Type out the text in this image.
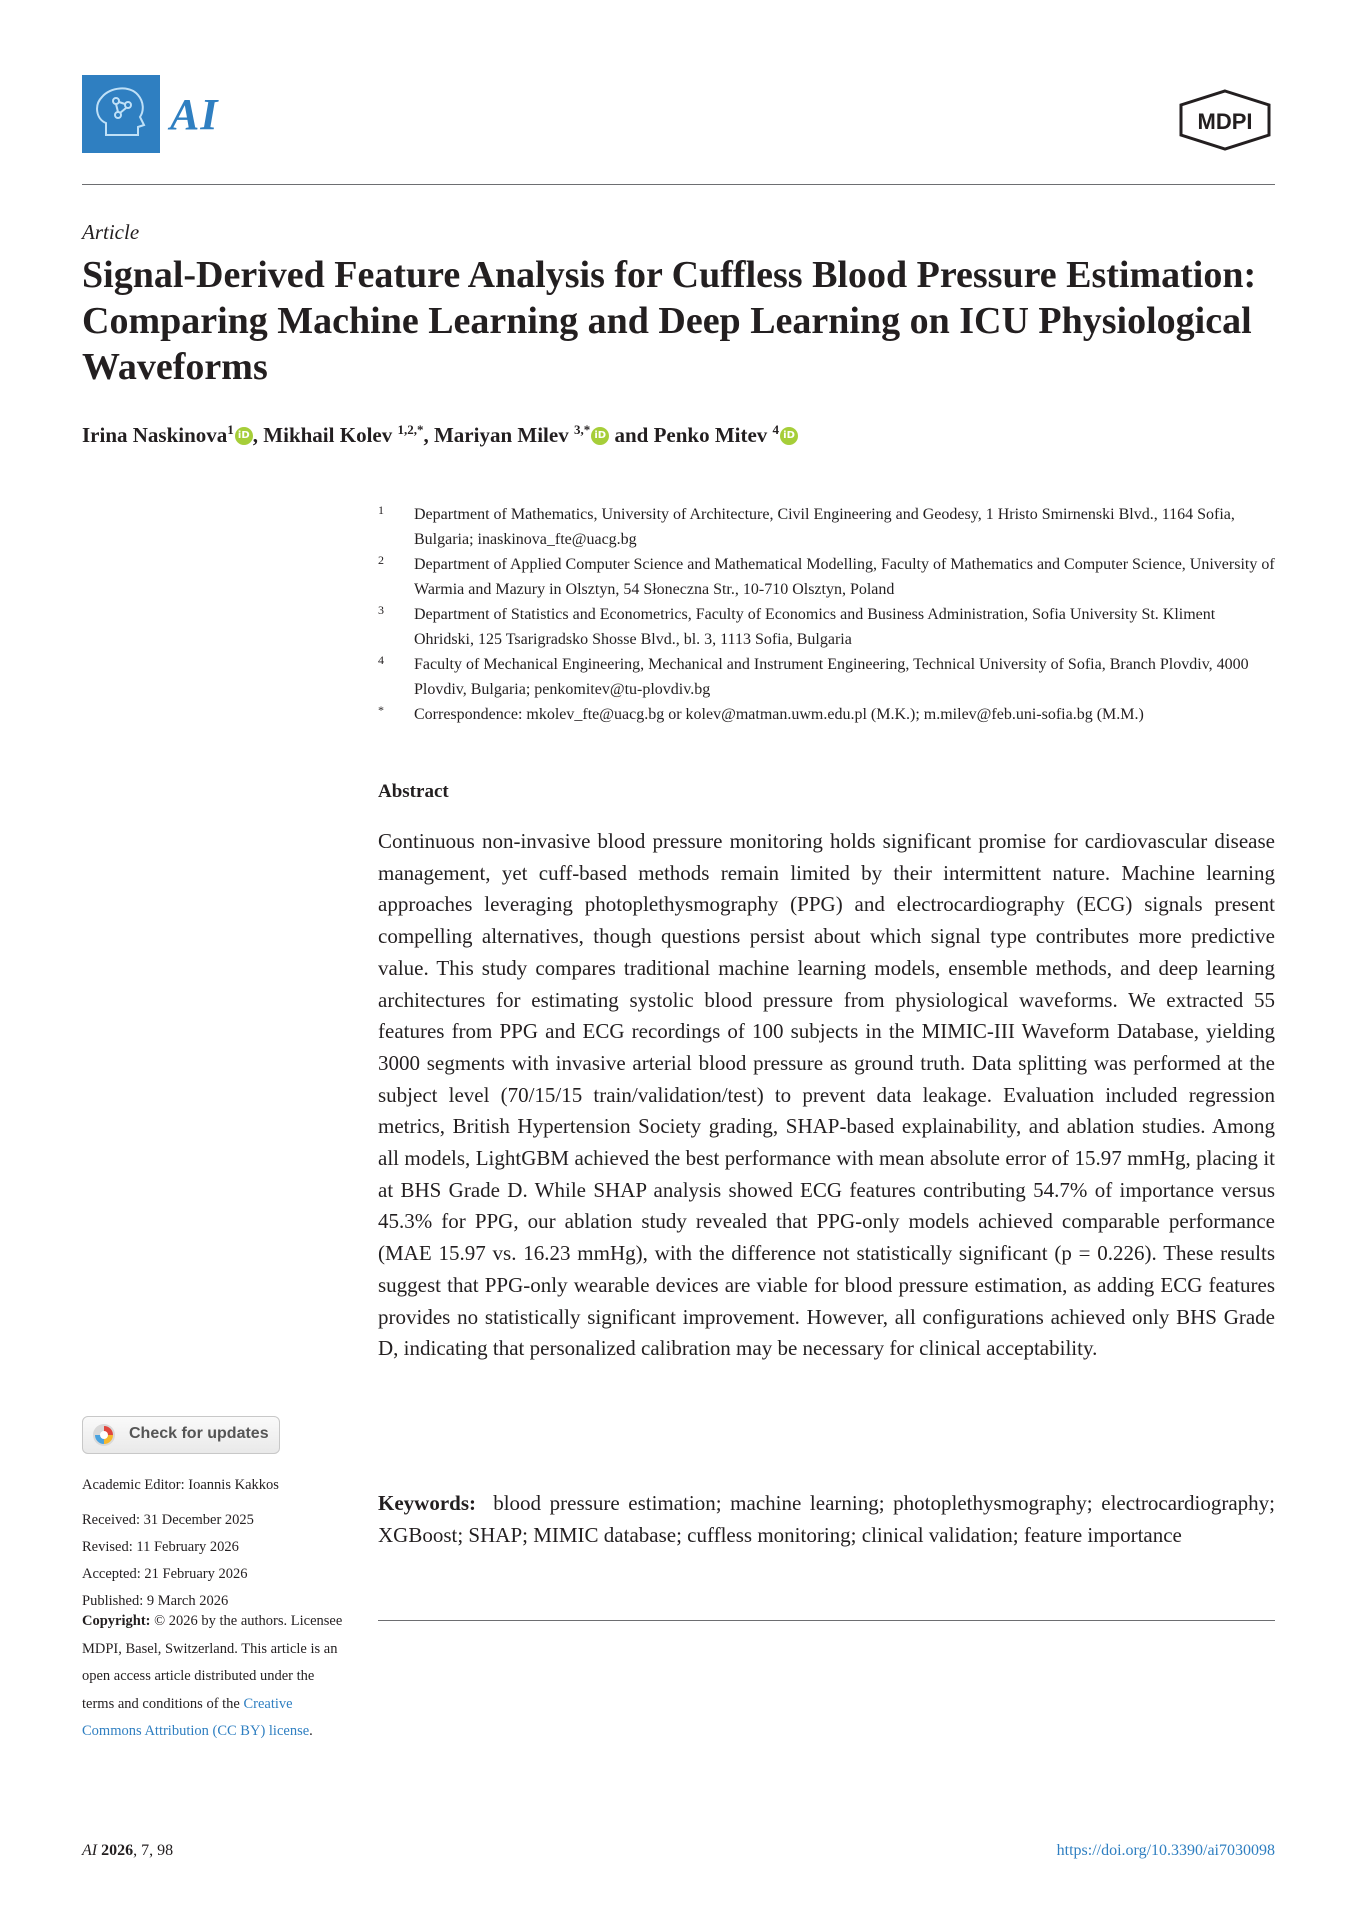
AI	MDPI
Article
Signal-Derived Feature Analysis for Cuffless Blood Pressure Estimation: Comparing Machine Learning and Deep Learning on ICU Physiological Waveforms
Irina Naskinova$^1$ iD , Mikhail Kolev $^{1,2,*}$, Mariyan Milev $^{3,*}$ iD and Penko Mitev $^4$ iD
1 Department of Mathematics, University of Architecture, Civil Engineering and Geodesy, 1 Hristo Smirnenski Blvd., 1164 Sofia, Bulgaria; inaskinova_fte@uacg.bg
2 Department of Applied Computer Science and Mathematical Modelling, Faculty of Mathematics and Computer Science, University of Warmia and Mazury in Olsztyn, 54 Słoneczna Str., 10-710 Olsztyn, Poland
3 Department of Statistics and Econometrics, Faculty of Economics and Business Administration, Sofia University St. Kliment Ohridski, 125 Tsarigradsko Shosse Blvd., bl. 3, 1113 Sofia, Bulgaria
4 Faculty of Mechanical Engineering, Mechanical and Instrument Engineering, Technical University of Sofia, Branch Plovdiv, 4000 Plovdiv, Bulgaria; penkomitev@tu-plovdiv.bg
* Correspondence: mkolev_fte@uacg.bg or kolev@matman.uwm.edu.pl (M.K.); m.milev@feb.uni-sofia.bg (M.M.)
Abstract

Continuous non-invasive blood pressure monitoring holds significant promise for cardiovascular disease management, yet cuff-based methods remain limited by their intermittent nature. Machine learning approaches leveraging photoplethysmography (PPG) and electrocardiography (ECG) signals present compelling alternatives, though questions persist about which signal type contributes more predictive value. This study compares traditional machine learning models, ensemble methods, and deep learning architectures for estimating systolic blood pressure from physiological waveforms. We extracted 55 features from PPG and ECG recordings of 100 subjects in the MIMIC-III Waveform Database, yielding 3000 segments with invasive arterial blood pressure as ground truth. Data splitting was performed at the subject level (70/15/15 train/validation/test) to prevent data leakage. Evaluation included regression metrics, British Hypertension Society grading, SHAP-based explainability, and ablation studies. Among all models, LightGBM achieved the best performance with mean absolute error of 15.97 mmHg, placing it at BHS Grade D. While SHAP analysis showed ECG features contributing 54.7% of importance versus 45.3% for PPG, our ablation study revealed that PPG-only models achieved comparable performance (MAE 15.97 vs. 16.23 mmHg), with the difference not statistically significant (p = 0.226). These results suggest that PPG-only wearable devices are viable for blood pressure estimation, as adding ECG features provides no statistically significant improvement. However, all configurations achieved only BHS Grade D, indicating that personalized calibration may be necessary for clinical acceptability.

Keywords: blood pressure estimation; machine learning; photoplethysmography; electrocardiography; XGBoost; SHAP; MIMIC database; cuffless monitoring; clinical validation; feature importance

Check for updates
Academic Editor: Ioannis Kakkos
Received: 31 December 2025
Revised: 11 February 2026
Accepted: 21 February 2026
Published: 9 March 2026
Copyright: © 2026 by the authors. Licensee MDPI, Basel, Switzerland. This article is an open access article distributed under the terms and conditions of the Creative Commons Attribution (CC BY) license.
AI 2026, 7, 98	https://doi.org/10.3390/ai7030098
